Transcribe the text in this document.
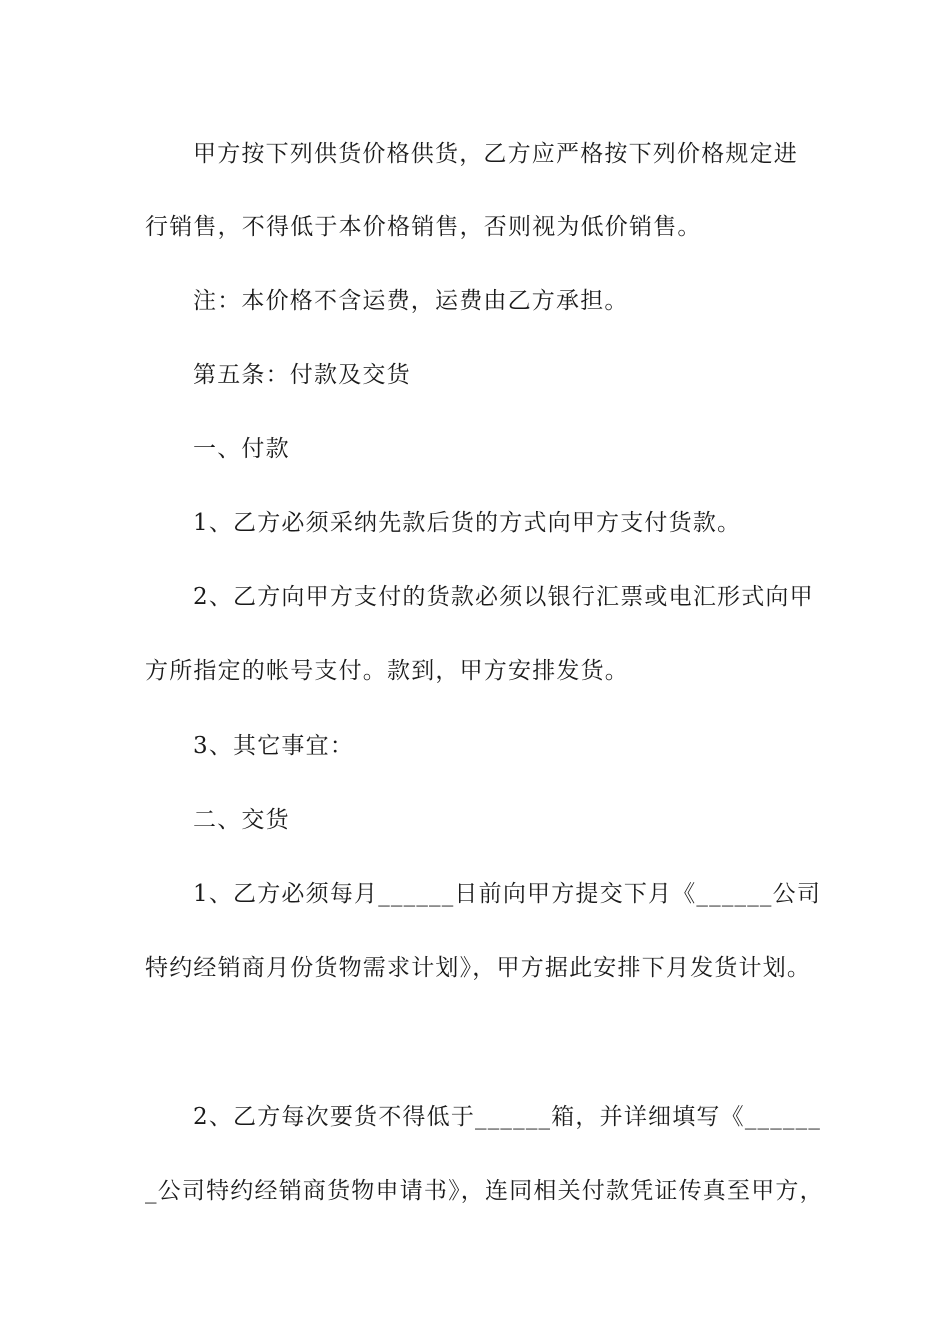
甲方按下列供货价格供货，乙方应严格按下列价格规定进
行销售，不得低于本价格销售，否则视为低价销售。
注：本价格不含运费，运费由乙方承担。
第五条：付款及交货
一、付款
1、乙方必须采纳先款后货的方式向甲方支付货款。
2、乙方向甲方支付的货款必须以银行汇票或电汇形式向甲
方所指定的帐号支付。款到，甲方安排发货。
3、其它事宜：
二、交货
1、乙方必须每月______日前向甲方提交下月《______公司
特约经销商月份货物需求计划》，甲方据此安排下月发货计划。
2、乙方每次要货不得低于______箱，并详细填写《______
_公司特约经销商货物申请书》，连同相关付款凭证传真至甲方，
